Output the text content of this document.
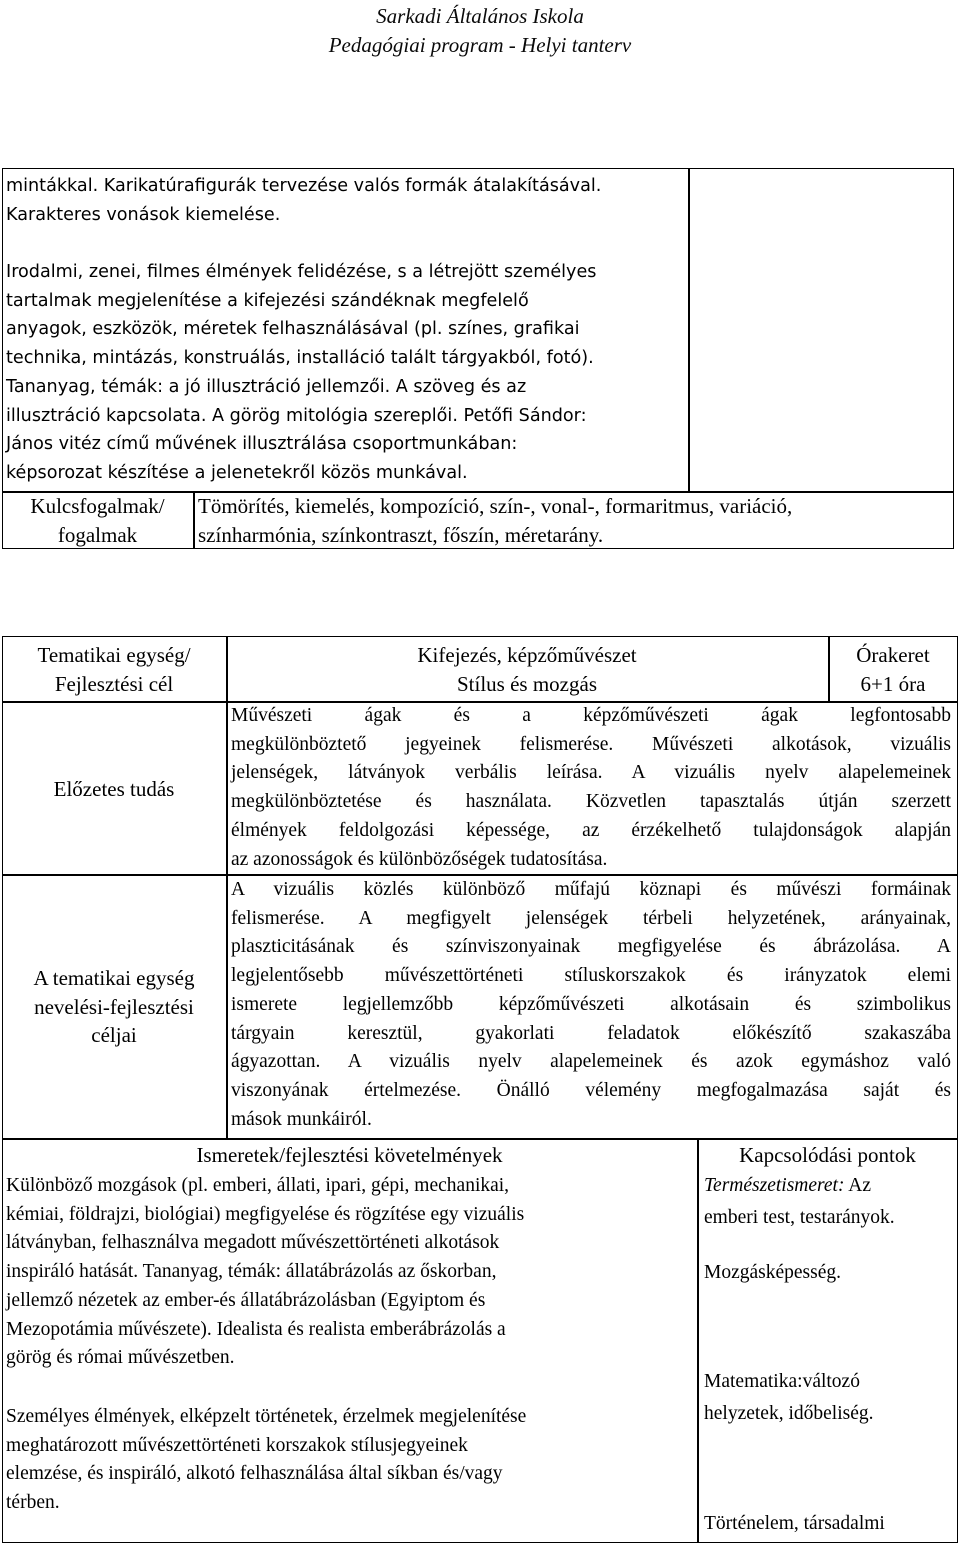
Sarkadi Általános Iskola
Pedagógiai program - Helyi tanterv
mintákkal. Karikatúrafigurák tervezése valós formák átalakításával.
Karakteres vonások kiemelése.
Irodalmi, zenei, filmes élmények felidézése, s a létrejött személyes
tartalmak megjelenítése a kifejezési szándéknak megfelelő
anyagok, eszközök, méretek felhasználásával (pl. színes, grafikai
technika, mintázás, konstruálás, installáció talált tárgyakból, fotó).
Tananyag, témák: a jó illusztráció jellemzői. A szöveg és az
illusztráció kapcsolata. A görög mitológia szereplői. Petőfi Sándor:
János vitéz című művének illusztrálása csoportmunkában:
képsorozat készítése a jelenetekről közös munkával.
Kulcsfogalmak/
fogalmak
Tömörítés, kiemelés, kompozíció, szín-, vonal-, formaritmus, variáció,
színharmónia, színkontraszt, főszín, méretarány.
Tematikai egység/
Fejlesztési cél
Kifejezés, képzőművészet
Stílus és mozgás
Órakeret
6+1 óra
Előzetes tudás
Művészeti ágak és a képzőművészeti ágak legfontosabb
megkülönböztető jegyeinek felismerése. Művészeti alkotások, vizuális
jelenségek, látványok verbális leírása. A vizuális nyelv alapelemeinek
megkülönböztetése és használata. Közvetlen tapasztalás útján szerzett
élmények feldolgozási képessége, az érzékelhető tulajdonságok alapján
az azonosságok és különbözőségek tudatosítása.
A tematikai egység
nevelési-fejlesztési
céljai
A vizuális közlés különböző műfajú köznapi és művészi formáinak
felismerése. A megfigyelt jelenségek térbeli helyzetének, arányainak,
plaszticitásának és színviszonyainak megfigyelése és ábrázolása. A
legjelentősebb művészettörténeti stíluskorszakok és irányzatok elemi
ismerete legjellemzőbb képzőművészeti alkotásain és szimbolikus
tárgyain keresztül, gyakorlati feladatok előkészítő szakaszába
ágyazottan. A vizuális nyelv alapelemeinek és azok egymáshoz való
viszonyának értelmezése. Önálló vélemény megfogalmazása saját és
mások munkáiról.
Ismeretek/fejlesztési követelmények	Kapcsolódási pontok
Különböző mozgások (pl. emberi, állati, ipari, gépi, mechanikai,
kémiai, földrajzi, biológiai) megfigyelése és rögzítése egy vizuális
látványban, felhasználva megadott művészettörténeti alkotások
inspiráló hatását. Tananyag, témák: állatábrázolás az őskorban,
jellemző nézetek az ember-és állatábrázolásban (Egyiptom és
Mezopotámia művészete). Idealista és realista emberábrázolás a
görög és római művészetben.
Személyes élmények, elképzelt történetek, érzelmek megjelenítése
meghatározott művészettörténeti korszakok stílusjegyeinek
elemzése, és inspiráló, alkotó felhasználása által síkban és/vagy
térben.
Természetismeret: Az
emberi test, testarányok.
Mozgásképesség.
Matematika:változó
helyzetek, időbeliség.
Történelem, társadalmi
